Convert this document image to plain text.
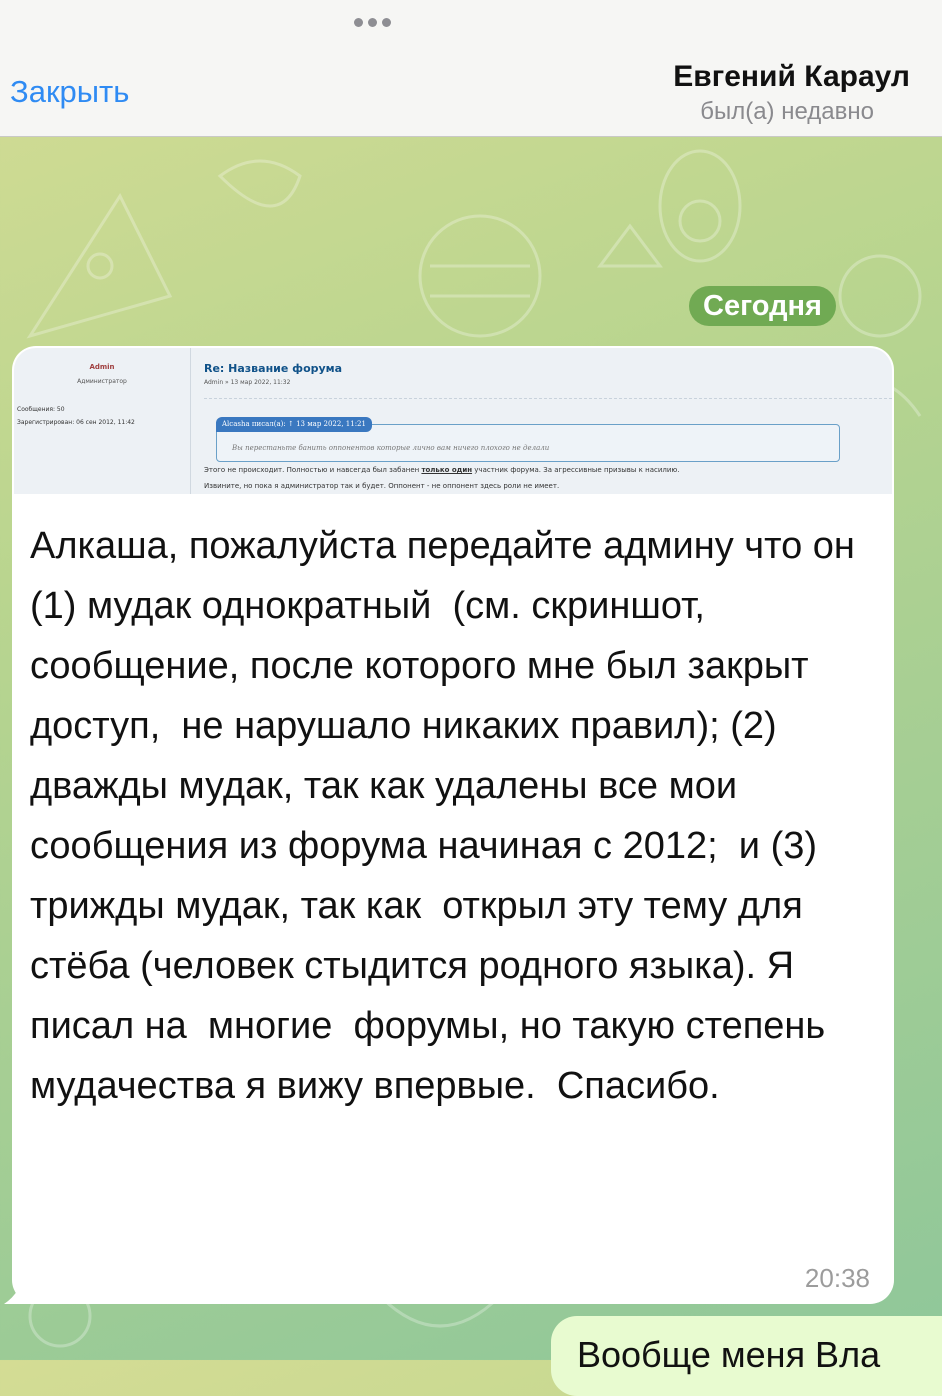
Закрыть	Евгений Караул
был(а) недавно
Сегодня
Admin
Администратор
Сообщения: 50
Зарегистрирован: 06 сен 2012, 11:42
Re: Название форума
Admin » 13 мар 2022, 11:32
Alcasha писал(а): ↑ 13 мар 2022, 11:21
Вы перестаньте банить оппонентов которые лично вам ничего плохого не делали
Этого не происходит. Полностью и навсегда был забанен только один участник форума. За агрессивные призывы к насилию.
Извините, но пока я администратор так и будет. Оппонент - не оппонент здесь роли не имеет.
Алкаша, пожалуйста передайте админу что он (1) мудак однократный  (см. скриншот, сообщение, после которого мне был закрыт  доступ,  не нарушало никаких правил); (2) дважды мудак, так как удалены все мои сообщения из форума начиная с 2012;  и (3) трижды мудак, так как  открыл эту тему для стёба (человек стыдится родного языка). Я писал на  многие  форумы, но такую степень мудачества я вижу впервые.  Спасибо.
20:38
Вообще меня Вла
